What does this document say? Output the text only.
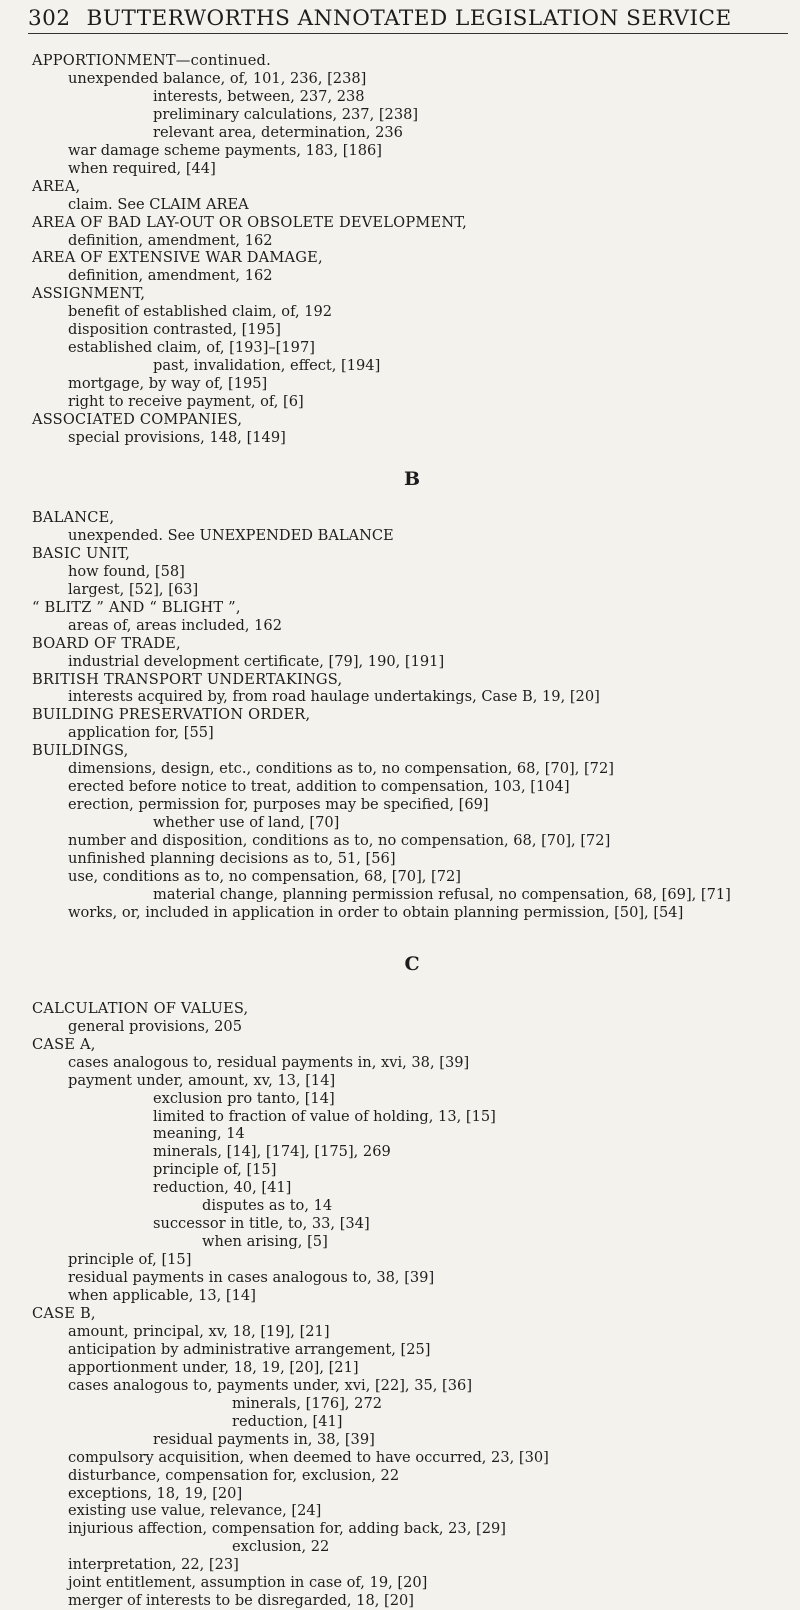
302 BUTTERWORTHS ANNOTATED LEGISLATION SERVICE
APPORTIONMENT—continued.
unexpended balance, of, 101, 236, [238]
interests, between, 237, 238
preliminary calculations, 237, [238]
relevant area, determination, 236
war damage scheme payments, 183, [186]
when required, [44]
AREA,
claim. See CLAIM AREA
AREA OF BAD LAY-OUT OR OBSOLETE DEVELOPMENT,
definition, amendment, 162
AREA OF EXTENSIVE WAR DAMAGE,
definition, amendment, 162
ASSIGNMENT,
benefit of established claim, of, 192
disposition contrasted, [195]
established claim, of, [193]–[197]
past, invalidation, effect, [194]
mortgage, by way of, [195]
right to receive payment, of, [6]
ASSOCIATED COMPANIES,
special provisions, 148, [149]
B
BALANCE,
unexpended. See UNEXPENDED BALANCE
BASIC UNIT,
how found, [58]
largest, [52], [63]
“ BLITZ ” AND “ BLIGHT ”,
areas of, areas included, 162
BOARD OF TRADE,
industrial development certificate, [79], 190, [191]
BRITISH TRANSPORT UNDERTAKINGS,
interests acquired by, from road haulage undertakings, Case B, 19, [20]
BUILDING PRESERVATION ORDER,
application for, [55]
BUILDINGS,
dimensions, design, etc., conditions as to, no compensation, 68, [70], [72]
erected before notice to treat, addition to compensation, 103, [104]
erection, permission for, purposes may be specified, [69]
whether use of land, [70]
number and disposition, conditions as to, no compensation, 68, [70], [72]
unfinished planning decisions as to, 51, [56]
use, conditions as to, no compensation, 68, [70], [72]
material change, planning permission refusal, no compensation, 68, [69], [71]
works, or, included in application in order to obtain planning permission, [50], [54]
C
CALCULATION OF VALUES,
general provisions, 205
CASE A,
cases analogous to, residual payments in, xvi, 38, [39]
payment under, amount, xv, 13, [14]
exclusion pro tanto, [14]
limited to fraction of value of holding, 13, [15]
meaning, 14
minerals, [14], [174], [175], 269
principle of, [15]
reduction, 40, [41]
disputes as to, 14
successor in title, to, 33, [34]
when arising, [5]
principle of, [15]
residual payments in cases analogous to, 38, [39]
when applicable, 13, [14]
CASE B,
amount, principal, xv, 18, [19], [21]
anticipation by administrative arrangement, [25]
apportionment under, 18, 19, [20], [21]
cases analogous to, payments under, xvi, [22], 35, [36]
minerals, [176], 272
reduction, [41]
residual payments in, 38, [39]
compulsory acquisition, when deemed to have occurred, 23, [30]
disturbance, compensation for, exclusion, 22
exceptions, 18, 19, [20]
existing use value, relevance, [24]
injurious affection, compensation for, adding back, 23, [29]
exclusion, 22
interpretation, 22, [23]
joint entitlement, assumption in case of, 19, [20]
merger of interests to be disregarded, 18, [20]
